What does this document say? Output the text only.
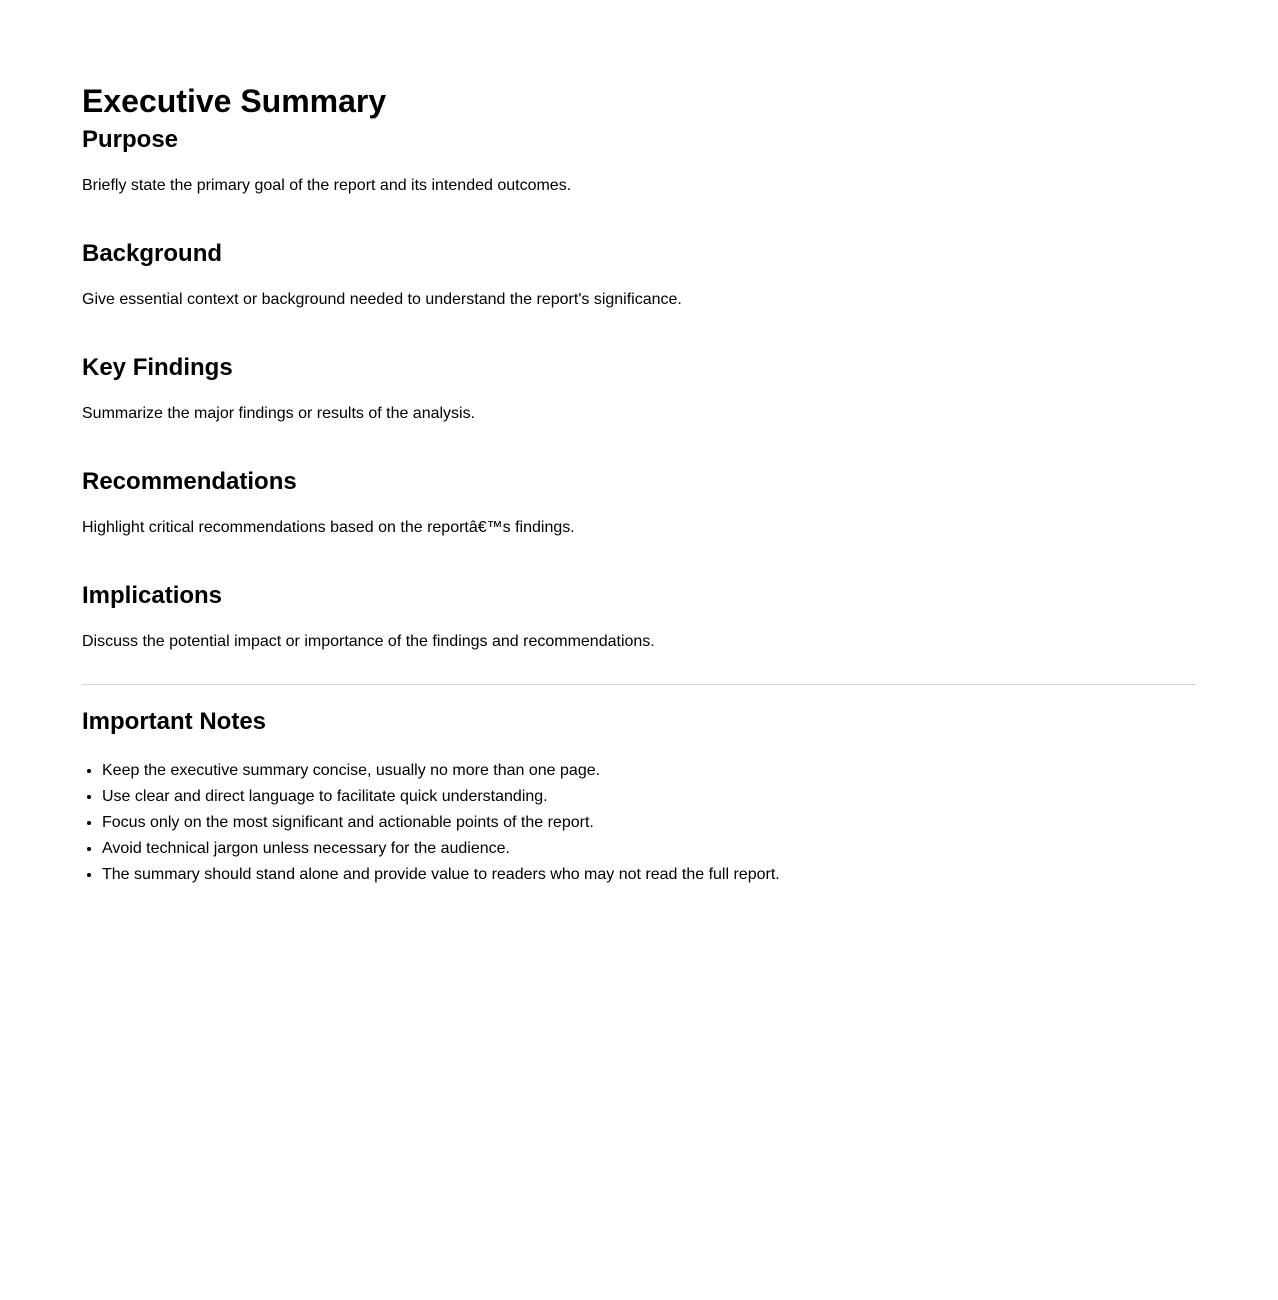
Executive Summary
Purpose

Briefly state the primary goal of the report and its intended outcomes.

Background

Give essential context or background needed to understand the report's significance.

Key Findings

Summarize the major findings or results of the analysis.

Recommendations

Highlight critical recommendations based on the reportâ€™s findings.

Implications

Discuss the potential impact or importance of the findings and recommendations.

Important Notes
• Keep the executive summary concise, usually no more than one page.
• Use clear and direct language to facilitate quick understanding.
• Focus only on the most significant and actionable points of the report.
• Avoid technical jargon unless necessary for the audience.
• The summary should stand alone and provide value to readers who may not read the full report.
